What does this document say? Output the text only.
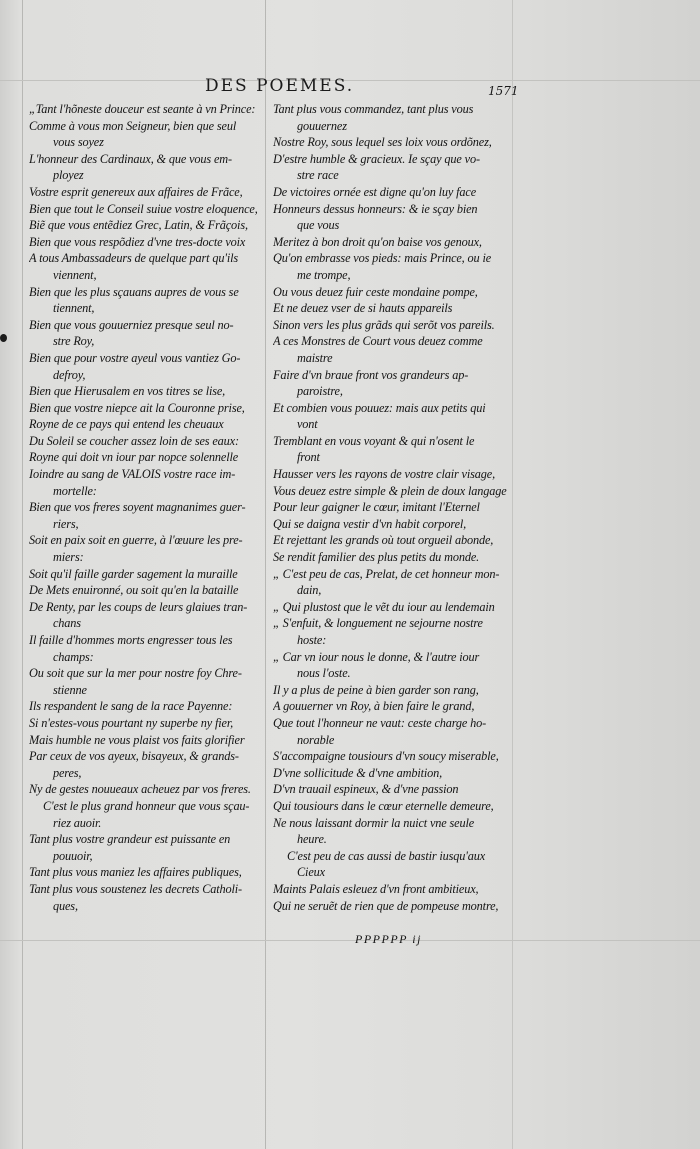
DES POEMES.	1571
„Tant l'hõneste douceur est seante à vn Prince:
Comme à vous mon Seigneur, bien que seul
vous soyez
L'honneur des Cardinaux, & que vous em-
ployez
Vostre esprit genereux aux affaires de Frãce,
Bien que tout le Conseil suiue vostre eloquence,
Biẽ que vous entẽdiez Grec, Latin, & Frãçois,
Bien que vous respõdiez d'vne tres-docte voix
A tous Ambassadeurs de quelque part qu'ils
viennent,
Bien que les plus sçauans aupres de vous se
tiennent,
Bien que vous gouuerniez presque seul no-
stre Roy,
Bien que pour vostre ayeul vous vantiez Go-
defroy,
Bien que Hierusalem en vos titres se lise,
Bien que vostre niepce ait la Couronne prise,
Royne de ce pays qui entend les cheuaux
Du Soleil se coucher assez loin de ses eaux:
Royne qui doit vn iour par nopce solennelle
Ioindre au sang de VALOIS vostre race im-
mortelle:
Bien que vos freres soyent magnanimes guer-
riers,
Soit en paix soit en guerre, à l'œuure les pre-
miers:
Soit qu'il faille garder sagement la muraille
De Mets enuironné, ou soit qu'en la bataille
De Renty, par les coups de leurs glaiues tran-
chans
Il faille d'hommes morts engresser tous les
champs:
Ou soit que sur la mer pour nostre foy Chre-
stienne
Ils respandent le sang de la race Payenne:
Si n'estes-vous pourtant ny superbe ny fier,
Mais humble ne vous plaist vos faits glorifier
Par ceux de vos ayeux, bisayeux, & grands-
peres,
Ny de gestes nouueaux acheuez par vos freres.
C'est le plus grand honneur que vous sçau-
riez auoir.
Tant plus vostre grandeur est puissante en
pouuoir,
Tant plus vous maniez les affaires publiques,
Tant plus vous soustenez les decrets Catholi-
ques,
Tant plus vous commandez, tant plus vous
gouuernez
Nostre Roy, sous lequel ses loix vous ordõnez,
D'estre humble & gracieux. Ie sçay que vo-
stre race
De victoires ornée est digne qu'on luy face
Honneurs dessus honneurs: & ie sçay bien
que vous
Meritez à bon droit qu'on baise vos genoux,
Qu'on embrasse vos pieds: mais Prince, ou ie
me trompe,
Ou vous deuez fuir ceste mondaine pompe,
Et ne deuez vser de si hauts appareils
Sinon vers les plus grãds qui serõt vos pareils.
A ces Monstres de Court vous deuez comme
maistre
Faire d'vn braue front vos grandeurs ap-
paroistre,
Et combien vous pouuez: mais aux petits qui
vont
Tremblant en vous voyant & qui n'osent le
front
Hausser vers les rayons de vostre clair visage,
Vous deuez estre simple & plein de doux langage
Pour leur gaigner le cœur, imitant l'Eternel
Qui se daigna vestir d'vn habit corporel,
Et rejettant les grands où tout orgueil abonde,
Se rendit familier des plus petits du monde.
„ C'est peu de cas, Prelat, de cet honneur mon-
dain,
„ Qui plustost que le vẽt du iour au lendemain
„ S'enfuit, & longuement ne sejourne nostre
hoste:
„ Car vn iour nous le donne, & l'autre iour
nous l'oste.
Il y a plus de peine à bien garder son rang,
A gouuerner vn Roy, à bien faire le grand,
Que tout l'honneur ne vaut: ceste charge ho-
norable
S'accompaigne tousiours d'vn soucy miserable,
D'vne sollicitude & d'vne ambition,
D'vn trauail espineux, & d'vne passion
Qui tousiours dans le cœur eternelle demeure,
Ne nous laissant dormir la nuict vne seule
heure.
C'est peu de cas aussi de bastir iusqu'aux
Cieux
Maints Palais esleuez d'vn front ambitieux,
Qui ne seruẽt de rien que de pompeuse montre,
PPPPPP ij
